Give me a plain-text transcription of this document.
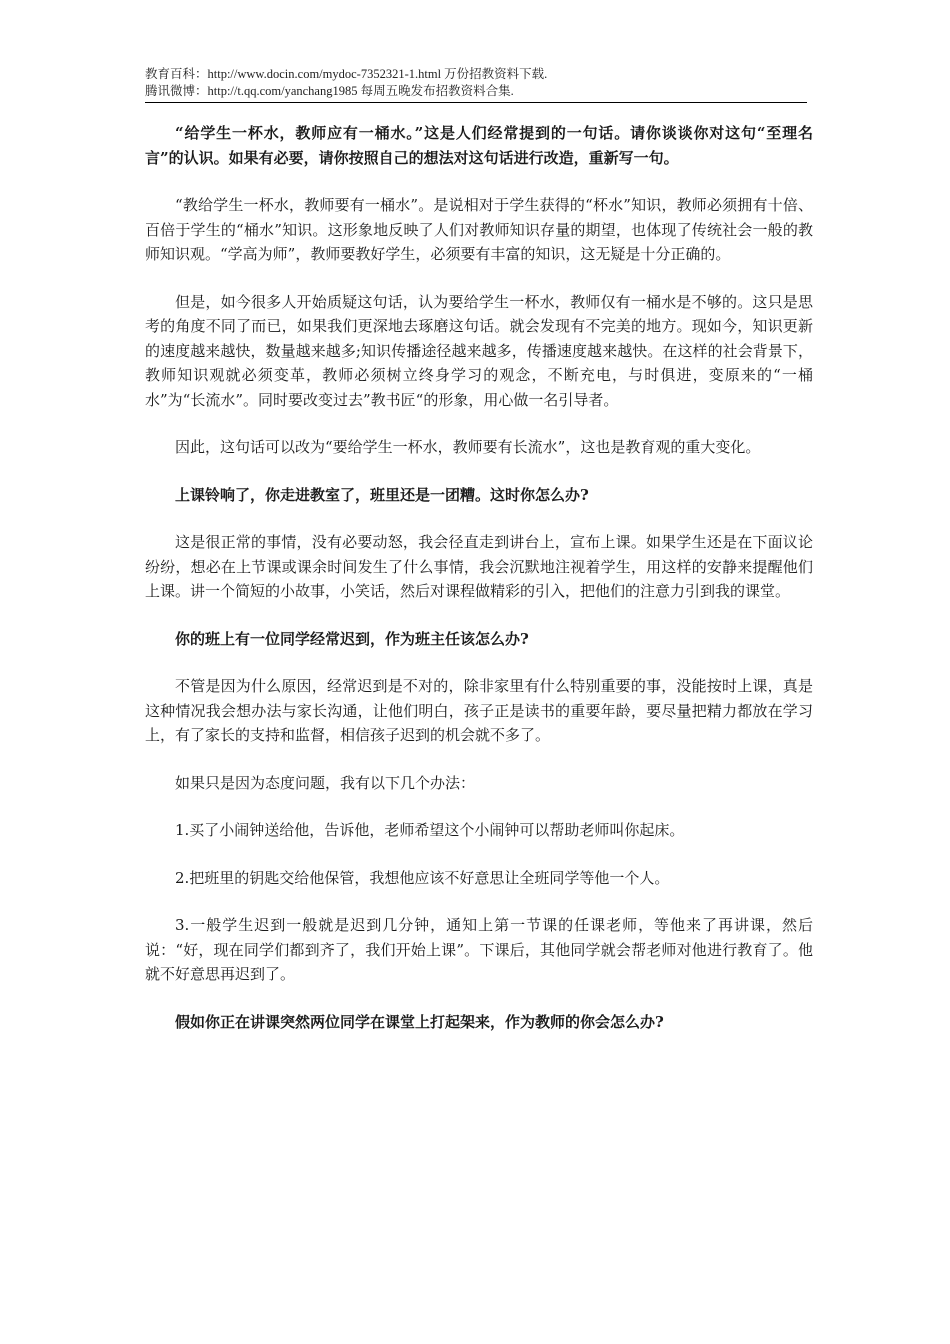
教育百科：http://www.docin.com/mydoc-7352321-1.html 万份招教资料下载.
腾讯微博：http://t.qq.com/yanchang1985 每周五晚发布招教资料合集.

“给学生一杯水，教师应有一桶水。”这是人们经常提到的一句话。请你谈谈你对这句“至理名言”的认识。如果有必要，请你按照自己的想法对这句话进行改造，重新写一句。

“教给学生一杯水，教师要有一桶水”。是说相对于学生获得的“杯水”知识，教师必须拥有十倍、百倍于学生的“桶水”知识。这形象地反映了人们对教师知识存量的期望，也体现了传统社会一般的教师知识观。“学高为师”，教师要教好学生，必须要有丰富的知识，这无疑是十分正确的。

但是，如今很多人开始质疑这句话，认为要给学生一杯水，教师仅有一桶水是不够的。这只是思考的角度不同了而已，如果我们更深地去琢磨这句话。就会发现有不完美的地方。现如今，知识更新的速度越来越快，数量越来越多;知识传播途径越来越多，传播速度越来越快。在这样的社会背景下，教师知识观就必须变革，教师必须树立终身学习的观念，不断充电，与时俱进，变原来的“一桶水”为“长流水”。同时要改变过去”教书匠“的形象，用心做一名引导者。

因此，这句话可以改为“要给学生一杯水，教师要有长流水”，这也是教育观的重大变化。

上课铃响了，你走进教室了，班里还是一团糟。这时你怎么办?

这是很正常的事情，没有必要动怒，我会径直走到讲台上，宣布上课。如果学生还是在下面议论纷纷，想必在上节课或课余时间发生了什么事情，我会沉默地注视着学生，用这样的安静来提醒他们上课。讲一个简短的小故事，小笑话，然后对课程做精彩的引入，把他们的注意力引到我的课堂。

你的班上有一位同学经常迟到，作为班主任该怎么办?

不管是因为什么原因，经常迟到是不对的，除非家里有什么特别重要的事，没能按时上课，真是这种情况我会想办法与家长沟通，让他们明白，孩子正是读书的重要年龄，要尽量把精力都放在学习上，有了家长的支持和监督，相信孩子迟到的机会就不多了。

如果只是因为态度问题，我有以下几个办法：

1.买了小闹钟送给他，告诉他，老师希望这个小闹钟可以帮助老师叫你起床。

2.把班里的钥匙交给他保管，我想他应该不好意思让全班同学等他一个人。

3.一般学生迟到一般就是迟到几分钟，通知上第一节课的任课老师，等他来了再讲课，然后说：“好，现在同学们都到齐了，我们开始上课”。下课后，其他同学就会帮老师对他进行教育了。他就不好意思再迟到了。

假如你正在讲课突然两位同学在课堂上打起架来，作为教师的你会怎么办?
